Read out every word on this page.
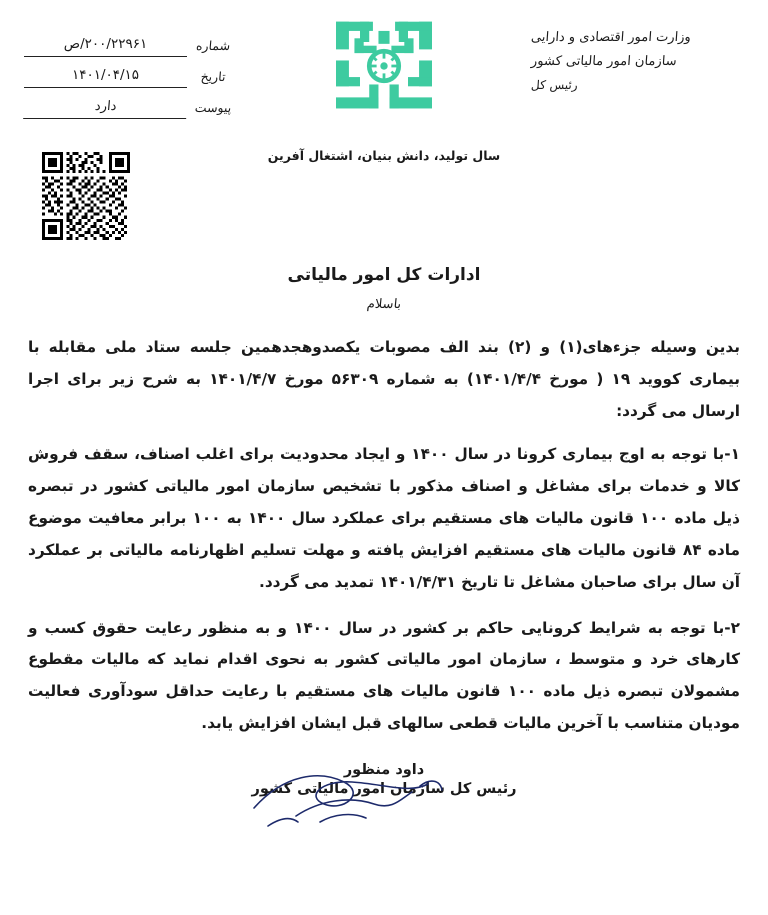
وزارت امور اقتصادی و دارایی
سازمان امور مالیاتی کشور
رئیس کل
شماره
۲۰۰/۲۲۹۶۱/ص
تاریخ
۱۴۰۱/۰۴/۱۵
پیوست
دارد
سال تولید، دانش بنیان، اشتغال آفرین
ادارات کل امور مالیاتی
باسلام

بدین وسیله جزءهای(۱) و (۲) بند الف مصوبات یکصدوهجدهمین جلسه ستاد ملی مقابله با بیماری کووید ۱۹ ( مورخ ۱۴۰۱/۴/۴) به شماره ۵۶۳۰۹ مورخ ۱۴۰۱/۴/۷ به شرح زیر برای اجرا ارسال می گردد:

۱-با توجه به اوج بیماری کرونا در سال ۱۴۰۰ و ایجاد محدودیت برای اغلب اصناف، سقف فروش کالا و خدمات برای مشاغل و اصناف مذکور با تشخیص سازمان امور مالیاتی کشور در تبصره ذیل ماده ۱۰۰ قانون مالیات های مستقیم برای عملکرد سال ۱۴۰۰ به ۱۰۰ برابر معافیت موضوع ماده ۸۴ قانون مالیات های مستقیم افزایش یافته و مهلت تسلیم اظهارنامه مالیاتی بر عملکرد آن سال برای صاحبان مشاغل تا تاریخ ۱۴۰۱/۴/۳۱ تمدید می گردد.

۲-با توجه به شرایط کرونایی حاکم بر کشور در سال ۱۴۰۰ و به منظور رعایت حقوق کسب و کارهای خرد و متوسط ، سازمان امور مالیاتی کشور به نحوی اقدام نماید که مالیات مقطوع مشمولان تبصره ذیل ماده ۱۰۰ قانون مالیات های مستقیم با رعایت حداقل سودآوری فعالیت مودیان متناسب با آخرین مالیات قطعی سالهای قبل ایشان افزایش یابد.

داود منظور
رئیس کل سازمان امور مالیاتی کشور
